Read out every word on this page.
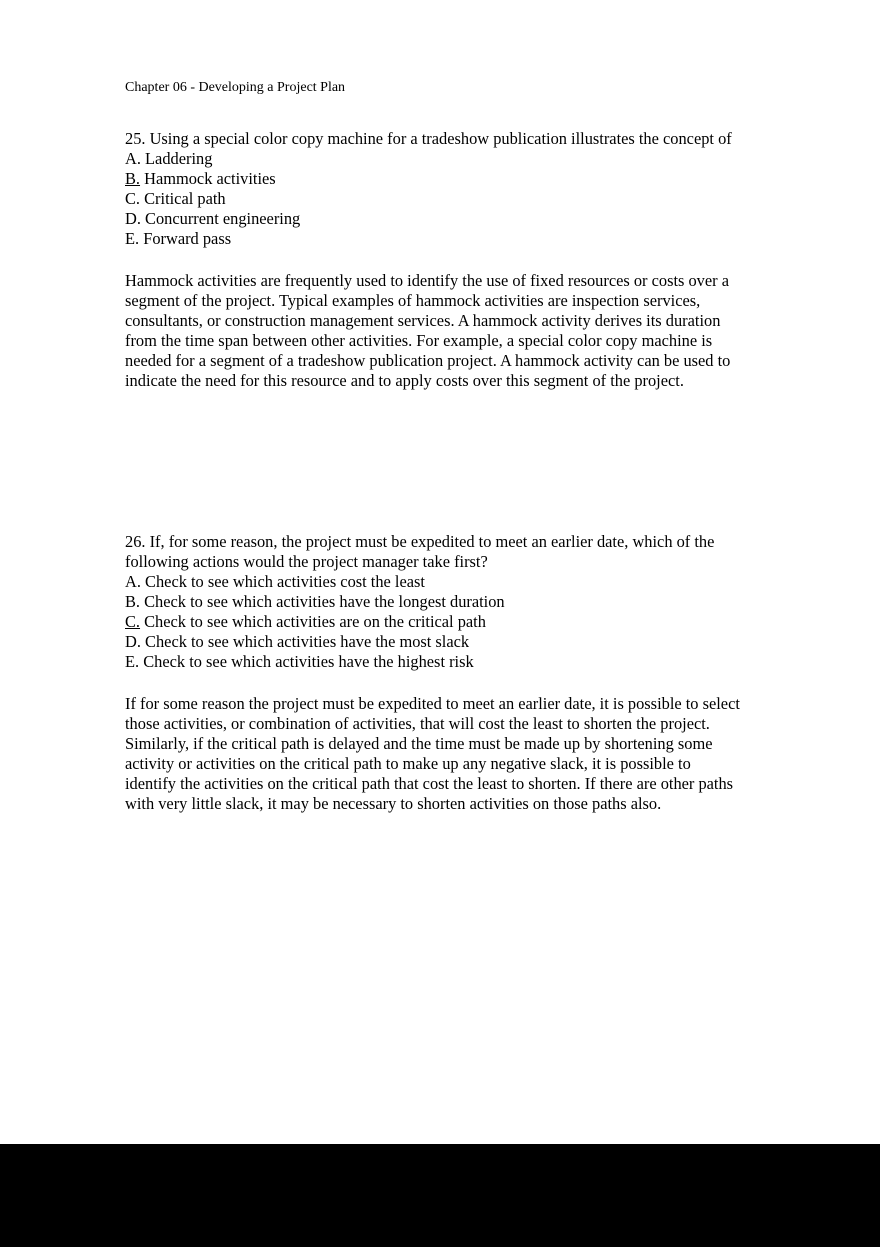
Chapter 06 - Developing a Project Plan
25. Using a special color copy machine for a tradeshow publication illustrates the concept of
A. Laddering
B. Hammock activities
C. Critical path
D. Concurrent engineering
E. Forward pass
Hammock activities are frequently used to identify the use of fixed resources or costs over a
segment of the project. Typical examples of hammock activities are inspection services,
consultants, or construction management services. A hammock activity derives its duration
from the time span between other activities. For example, a special color copy machine is
needed for a segment of a tradeshow publication project. A hammock activity can be used to
indicate the need for this resource and to apply costs over this segment of the project.
26. If, for some reason, the project must be expedited to meet an earlier date, which of the
following actions would the project manager take first?
A. Check to see which activities cost the least
B. Check to see which activities have the longest duration
C. Check to see which activities are on the critical path
D. Check to see which activities have the most slack
E. Check to see which activities have the highest risk
If for some reason the project must be expedited to meet an earlier date, it is possible to select
those activities, or combination of activities, that will cost the least to shorten the project.
Similarly, if the critical path is delayed and the time must be made up by shortening some
activity or activities on the critical path to make up any negative slack, it is possible to
identify the activities on the critical path that cost the least to shorten. If there are other paths
with very little slack, it may be necessary to shorten activities on those paths also.
